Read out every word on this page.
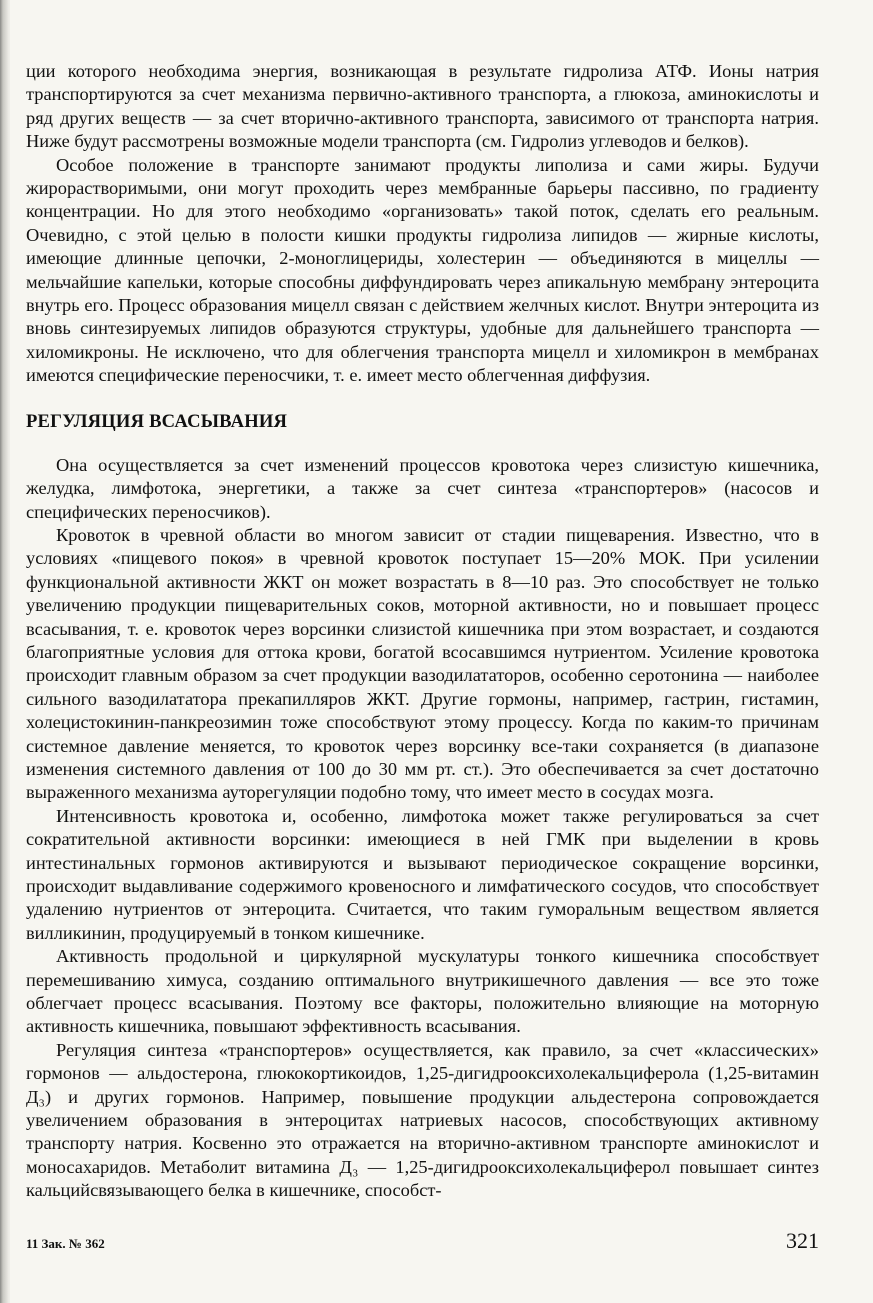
ции которого необходима энергия, возникающая в результате гидролиза АТФ. Ионы натрия транспортируются за счет механизма первично-активного транспорта, а глюкоза, аминокислоты и ряд других веществ — за счет вторично-активного транспорта, зависимого от транспорта натрия. Ниже будут рассмотрены возможные модели транспорта (см. Гидролиз углеводов и белков).

Особое положение в транспорте занимают продукты липолиза и сами жиры. Будучи жирорастворимыми, они могут проходить через мембранные барьеры пассивно, по градиенту концентрации. Но для этого необходимо «организовать» такой поток, сделать его реальным. Очевидно, с этой целью в полости кишки продукты гидролиза липидов — жирные кислоты, имеющие длинные цепочки, 2-моноглицериды, холестерин — объединяются в мицеллы — мельчайшие капельки, которые способны диффундировать через апикальную мембрану энтероцита внутрь его. Процесс образования мицелл связан с действием желчных кислот. Внутри энтероцита из вновь синтезируемых липидов образуются структуры, удобные для дальнейшего транспорта — хиломикроны. Не исключено, что для облегчения транспорта мицелл и хиломикрон в мембранах имеются специфические переносчики, т. е. имеет место облегченная диффузия.

РЕГУЛЯЦИЯ ВСАСЫВАНИЯ

Она осуществляется за счет изменений процессов кровотока через слизистую кишечника, желудка, лимфотока, энергетики, а также за счет синтеза «транспортеров» (насосов и специфических переносчиков).

Кровоток в чревной области во многом зависит от стадии пищеварения. Известно, что в условиях «пищевого покоя» в чревной кровоток поступает 15—20% МОК. При усилении функциональной активности ЖКТ он может возрастать в 8—10 раз. Это способствует не только увеличению продукции пищеварительных соков, моторной активности, но и повышает процесс всасывания, т. е. кровоток через ворсинки слизистой кишечника при этом возрастает, и создаются благоприятные условия для оттока крови, богатой всосавшимся нутриентом. Усиление кровотока происходит главным образом за счет продукции вазодилататоров, особенно серотонина — наиболее сильного вазодилататора прекапилляров ЖКТ. Другие гормоны, например, гастрин, гистамин, холецистокинин-панкреозимин тоже способствуют этому процессу. Когда по каким-то причинам системное давление меняется, то кровоток через ворсинку все-таки сохраняется (в диапазоне изменения системного давления от 100 до 30 мм рт. ст.). Это обеспечивается за счет достаточно выраженного механизма ауторегуляции подобно тому, что имеет место в сосудах мозга.

Интенсивность кровотока и, особенно, лимфотока может также регулироваться за счет сократительной активности ворсинки: имеющиеся в ней ГМК при выделении в кровь интестинальных гормонов активируются и вызывают периодическое сокращение ворсинки, происходит выдавливание содержимого кровеносного и лимфатического сосудов, что способствует удалению нутриентов от энтероцита. Считается, что таким гуморальным веществом является вилликинин, продуцируемый в тонком кишечнике.

Активность продольной и циркулярной мускулатуры тонкого кишечника способствует перемешиванию химуса, созданию оптимального внутрикишечного давления — все это тоже облегчает процесс всасывания. Поэтому все факторы, положительно влияющие на моторную активность кишечника, повышают эффективность всасывания.

Регуляция синтеза «транспортеров» осуществляется, как правило, за счет «классических» гормонов — альдостерона, глюкокортикоидов, 1,25-дигидрооксихолекальциферола (1,25-витамин Д₃) и других гормонов. Например, повышение продукции альдестерона сопровождается увеличением образования в энтероцитах натриевых насосов, способствующих активному транспорту натрия. Косвенно это отражается на вторично-активном транспорте аминокислот и моносахаридов. Метаболит витамина Д₃ — 1,25-дигидрооксихолекальциферол повышает синтез кальцийсвязывающего белка в кишечнике, способст-

11 Зак. № 362	321
